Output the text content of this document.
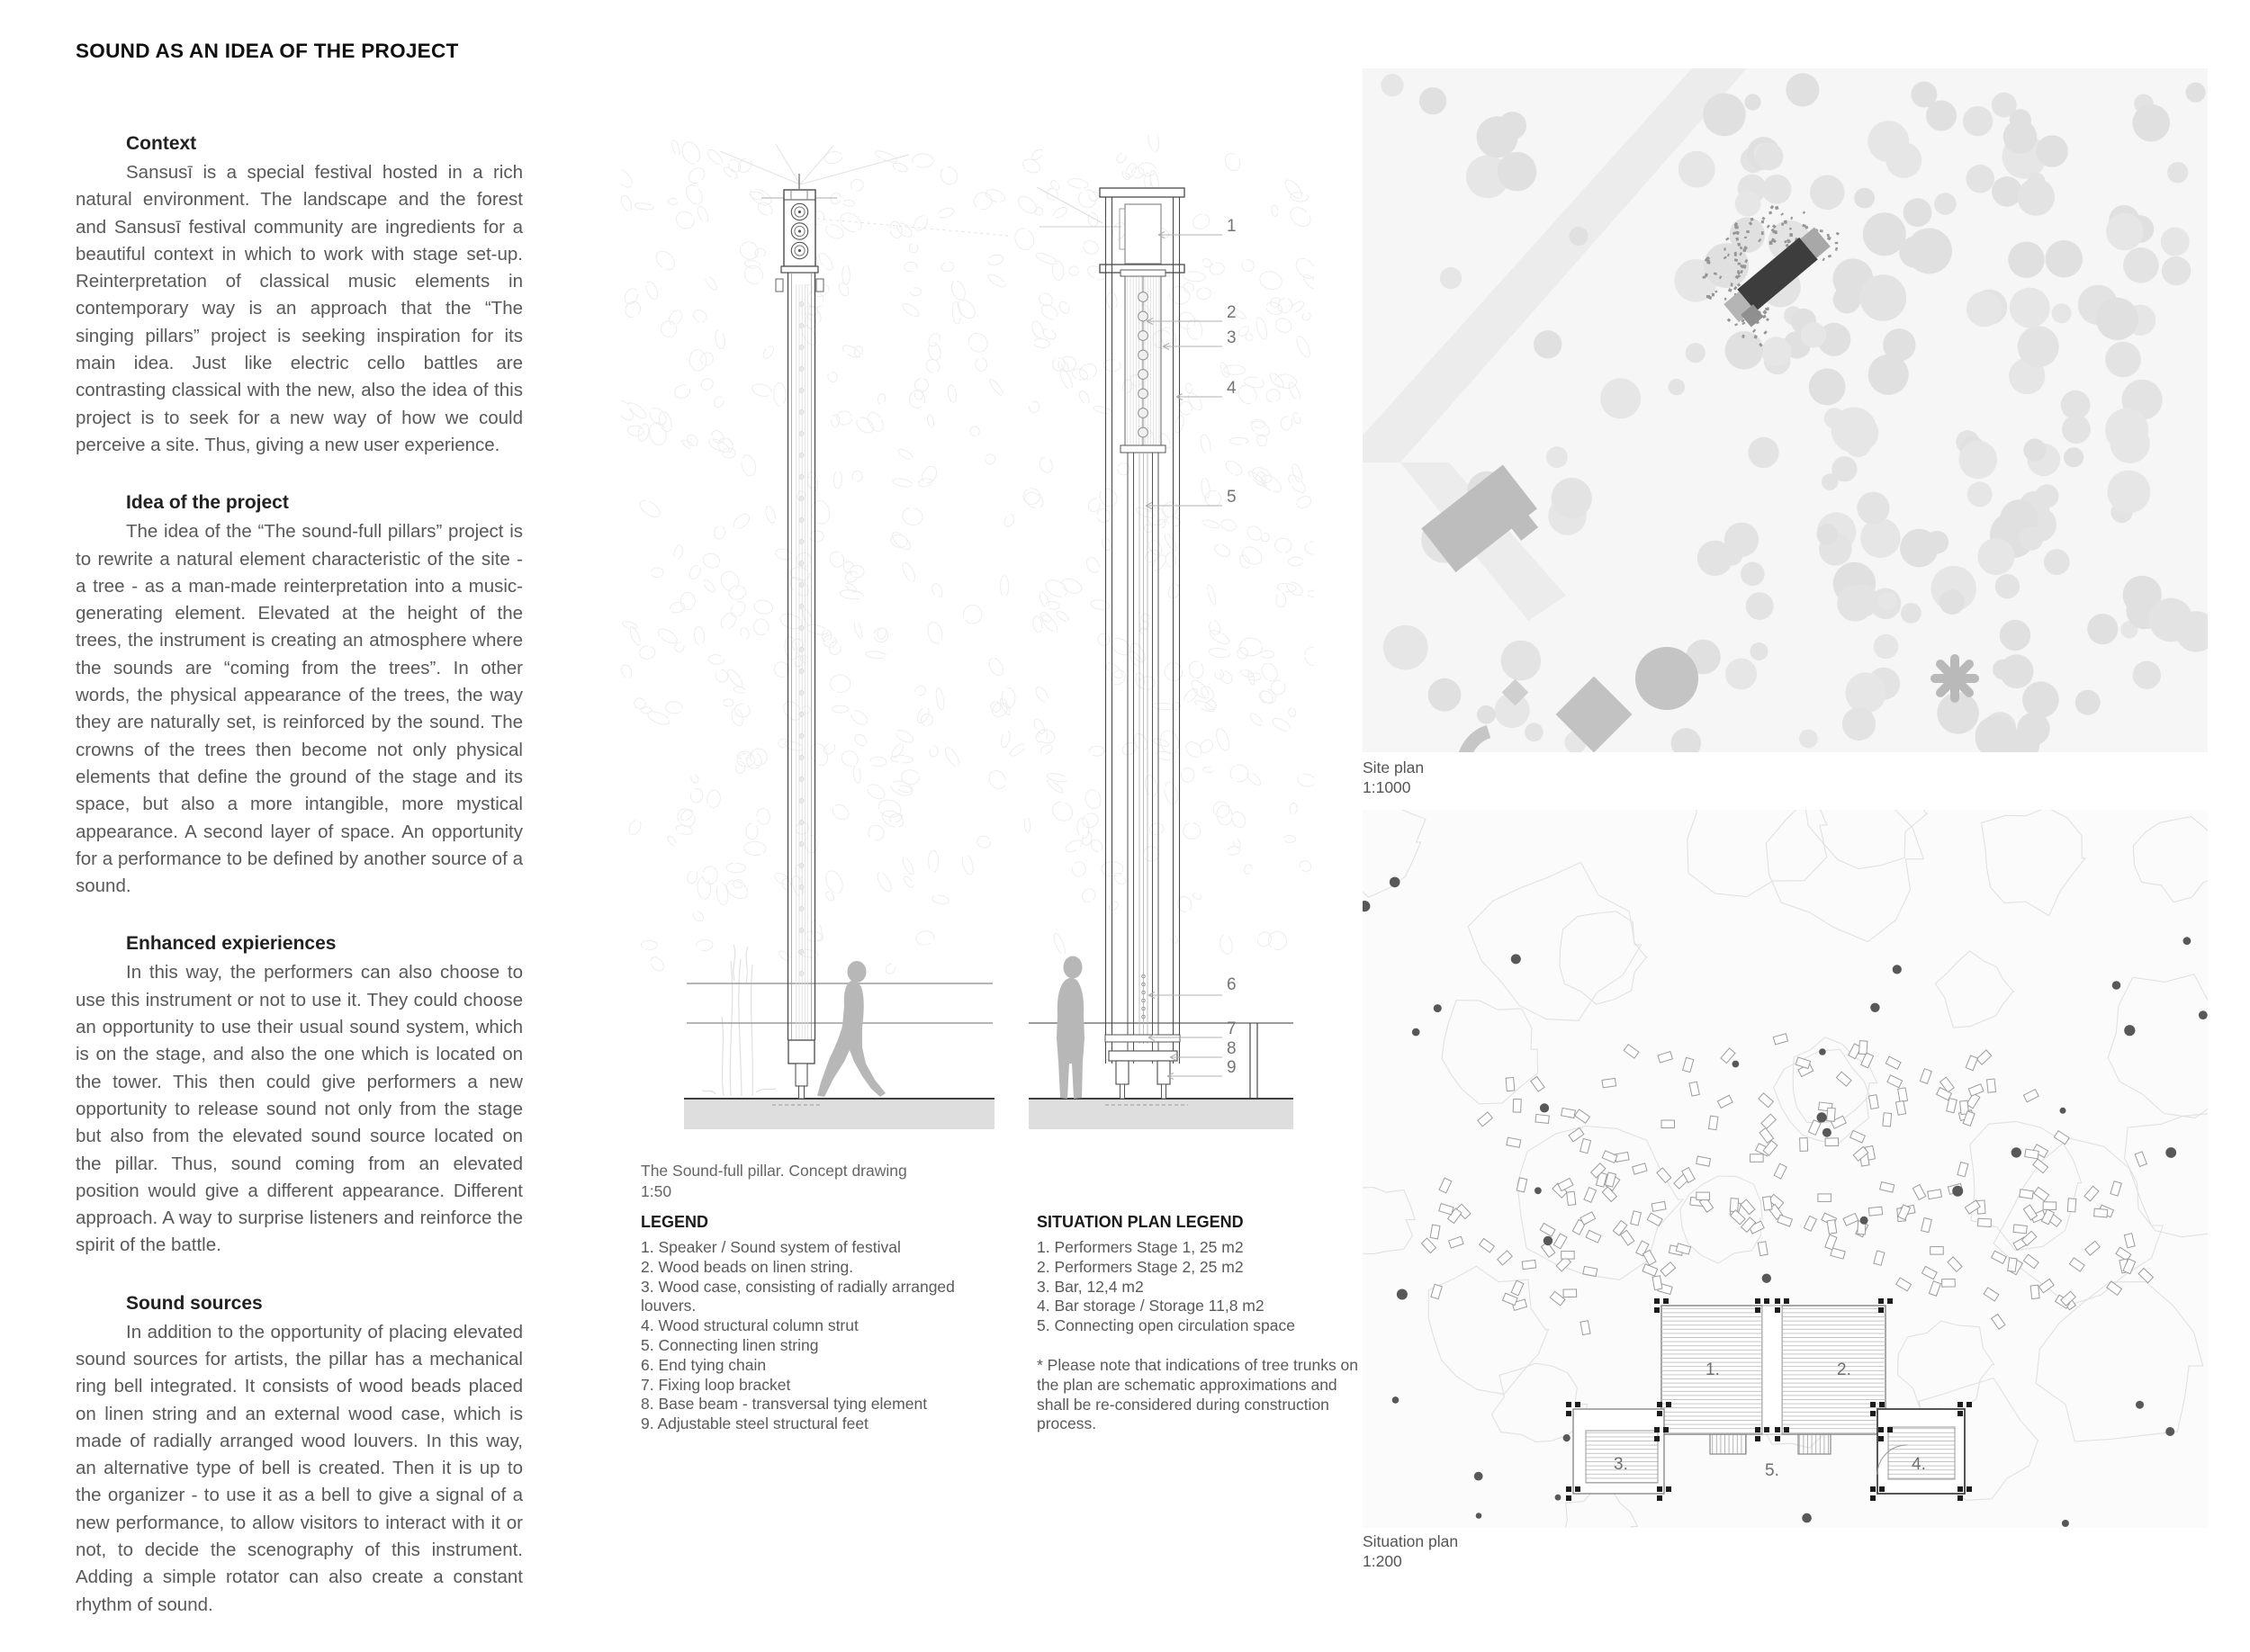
SOUND AS AN IDEA OF THE PROJECT
Context

Sansusī is a special festival hosted in a rich natural environment. The landscape and the forest and Sansusī festival community are ingredients for a beautiful context in which to work with stage set-up. Reinterpretation of classical music elements in contemporary way is an approach that the “The singing pillars” project is seeking inspiration for its main idea. Just like electric cello battles are contrasting classical with the new, also the idea of this project is to seek for a new way of how we could perceive a site. Thus, giving a new user experience.

Idea of the project

The idea of the “The sound-full pillars” project is to rewrite a natural element characteristic of the site - a tree - as a man-made reinterpretation into a music-generating element. Elevated at the height of the trees, the instrument is creating an atmosphere where the sounds are “coming from the trees”. In other words, the physical appearance of the trees, the way they are naturally set, is reinforced by the sound. The crowns of the trees then become not only physical elements that define the ground of the stage and its space, but also a more intangible, more mystical appearance. A second layer of space. An opportunity for a performance to be defined by another source of a sound.

Enhanced expieriences

In this way, the performers can also choose to use this instrument or not to use it. They could choose an opportunity to use their usual sound system, which is on the stage, and also the one which is located on the tower. This then could give performers a new opportunity to release sound not only from the stage but also from the elevated sound source located on the pillar. Thus, sound coming from an elevated position would give a different appearance. Different approach. A way to surprise listeners and reinforce the spirit of the battle.

Sound sources

In addition to the opportunity of placing elevated sound sources for artists, the pillar has a mechanical ring bell integrated. It consists of wood beads placed on linen string and an external wood case, which is made of radially arranged wood louvers. In this way, an alternative type of bell is created. Then it is up to the organizer - to use it as a bell to give a signal of a new performance, to allow visitors to interact with it or not, to decide the scenography of this instrument. Adding a simple rotator can also create a constant rhythm of sound.

1
2
3
4
5
6
7
8
9
The Sound-full pillar. Concept drawing
1:50
LEGEND
1. Speaker / Sound system of festival
2. Wood beads on linen string.
3. Wood case, consisting of radially arranged louvers.
4. Wood structural column strut
5. Connecting linen string
6. End tying chain
7. Fixing loop bracket
8. Base beam - transversal tying element
9. Adjustable steel structural feet
SITUATION PLAN LEGEND
1. Performers Stage 1, 25 m2
2. Performers Stage 2, 25 m2
3. Bar, 12,4 m2
4. Bar storage / Storage 11,8 m2
5. Connecting open circulation space
* Please note that indications of tree trunks on the plan are schematic approximations and shall be re-considered during construction process.
Site plan
1:1000
1.	2.
3.	4.
5.
Situation plan
1:200
